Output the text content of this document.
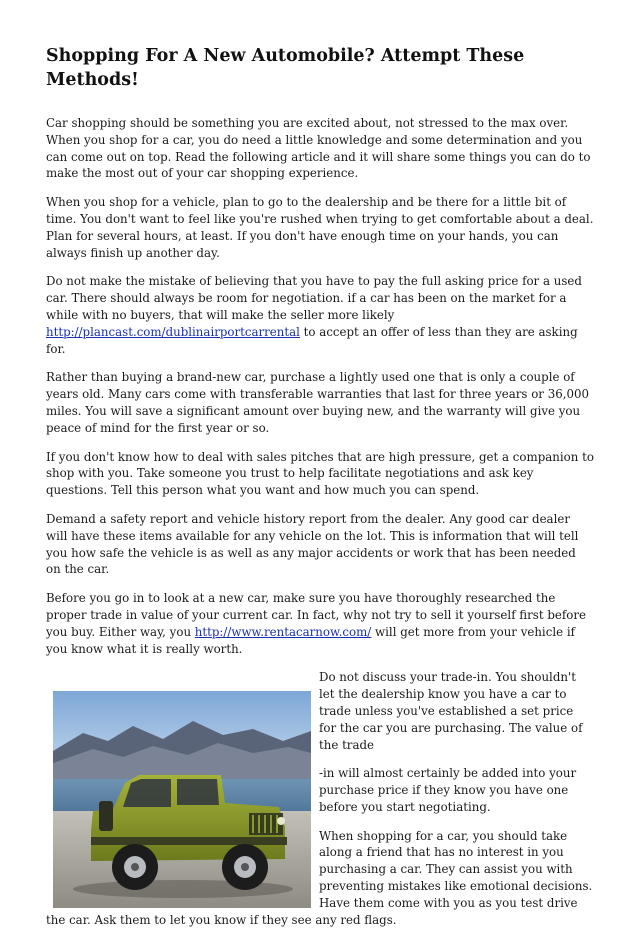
Shopping For A New Automobile? Attempt These Methods!

Car shopping should be something you are excited about, not stressed to the max over. When you shop for a car, you do need a little knowledge and some determination and you can come out on top. Read the following article and it will share some things you can do to make the most out of your car shopping experience.

When you shop for a vehicle, plan to go to the dealership and be there for a little bit of time. You don't want to feel like you're rushed when trying to get comfortable about a deal. Plan for several hours, at least. If you don't have enough time on your hands, you can always finish up another day.

Do not make the mistake of believing that you have to pay the full asking price for a used car. There should always be room for negotiation. if a car has been on the market for a while with no buyers, that will make the seller more likely http://plancast.com/dublinairportcarrental to accept an offer of less than they are asking for.

Rather than buying a brand-new car, purchase a lightly used one that is only a couple of years old. Many cars come with transferable warranties that last for three years or 36,000 miles. You will save a significant amount over buying new, and the warranty will give you peace of mind for the first year or so.

If you don't know how to deal with sales pitches that are high pressure, get a companion to shop with you. Take someone you trust to help facilitate negotiations and ask key questions. Tell this person what you want and how much you can spend.

Demand a safety report and vehicle history report from the dealer. Any good car dealer will have these items available for any vehicle on the lot. This is information that will tell you how safe the vehicle is as well as any major accidents or work that has been needed on the car.

Before you go in to look at a new car, make sure you have thoroughly researched the proper trade in value of your current car. In fact, why not try to sell it yourself first before you buy. Either way, you http://www.rentacarnow.com/ will get more from your vehicle if you know what it is really worth.

Do not discuss your trade-in. You shouldn't let the dealership know you have a car to trade unless you've established a set price for the car you are purchasing. The value of the trade

-in will almost certainly be added into your purchase price if they know you have one before you start negotiating.

When shopping for a car, you should take along a friend that has no interest in you purchasing a car. They can assist you with preventing mistakes like emotional decisions. Have them come with you as you test drive the car. Ask them to let you know if they see any red flags.
